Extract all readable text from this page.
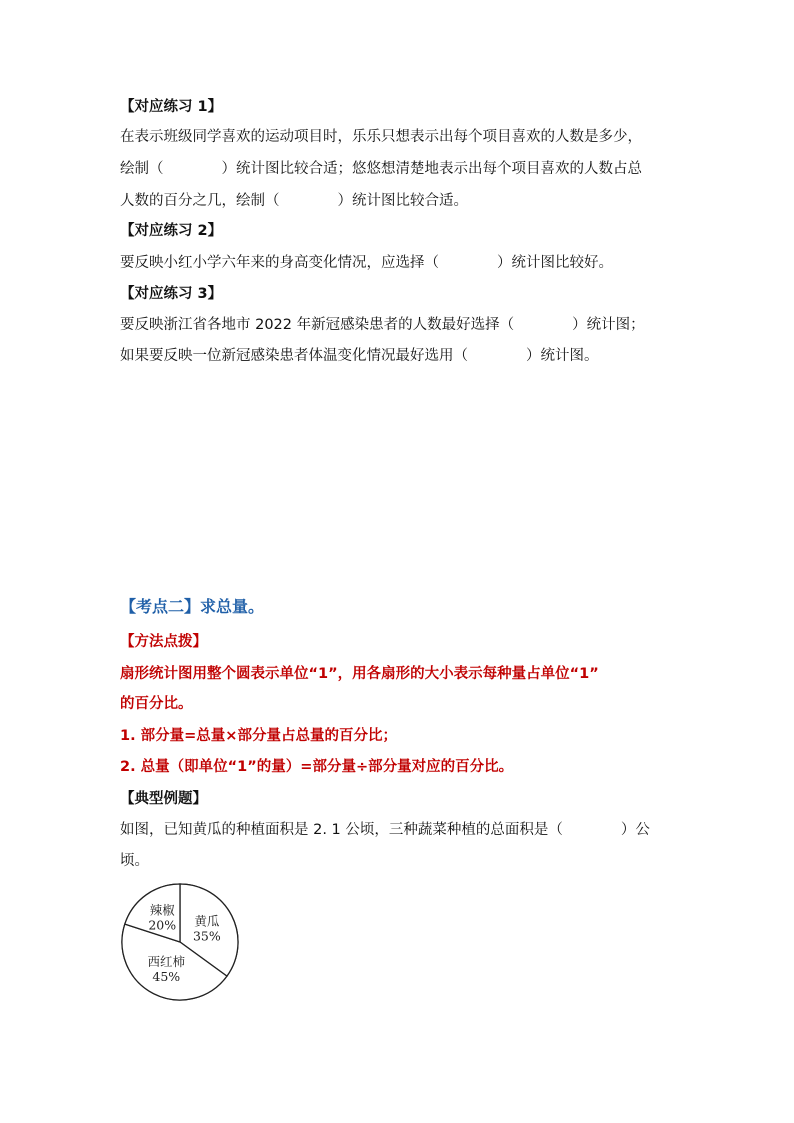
【对应练习 1】
在表示班级同学喜欢的运动项目时，乐乐只想表示出每个项目喜欢的人数是多少，
绘制（　　　　）统计图比较合适；悠悠想清楚地表示出每个项目喜欢的人数占总
人数的百分之几，绘制（　　　　）统计图比较合适。
【对应练习 2】
要反映小红小学六年来的身高变化情况，应选择（　　　　）统计图比较好。
【对应练习 3】
要反映浙江省各地市 2022 年新冠感染患者的人数最好选择（　　　　）统计图；
如果要反映一位新冠感染患者体温变化情况最好选用（　　　　）统计图。
【考点二】求总量。
【方法点拨】
扇形统计图用整个圆表示单位“1”，用各扇形的大小表示每种量占单位“1”
的百分比。
1. 部分量=总量×部分量占总量的百分比；
2. 总量（即单位“1”的量）=部分量÷部分量对应的百分比。
【典型例题】
如图，已知黄瓜的种植面积是 2. 1 公顷，三种蔬菜种植的总面积是（　　　　）公
顷。
黄瓜
35%
西红柿
45%
辣椒
20%
